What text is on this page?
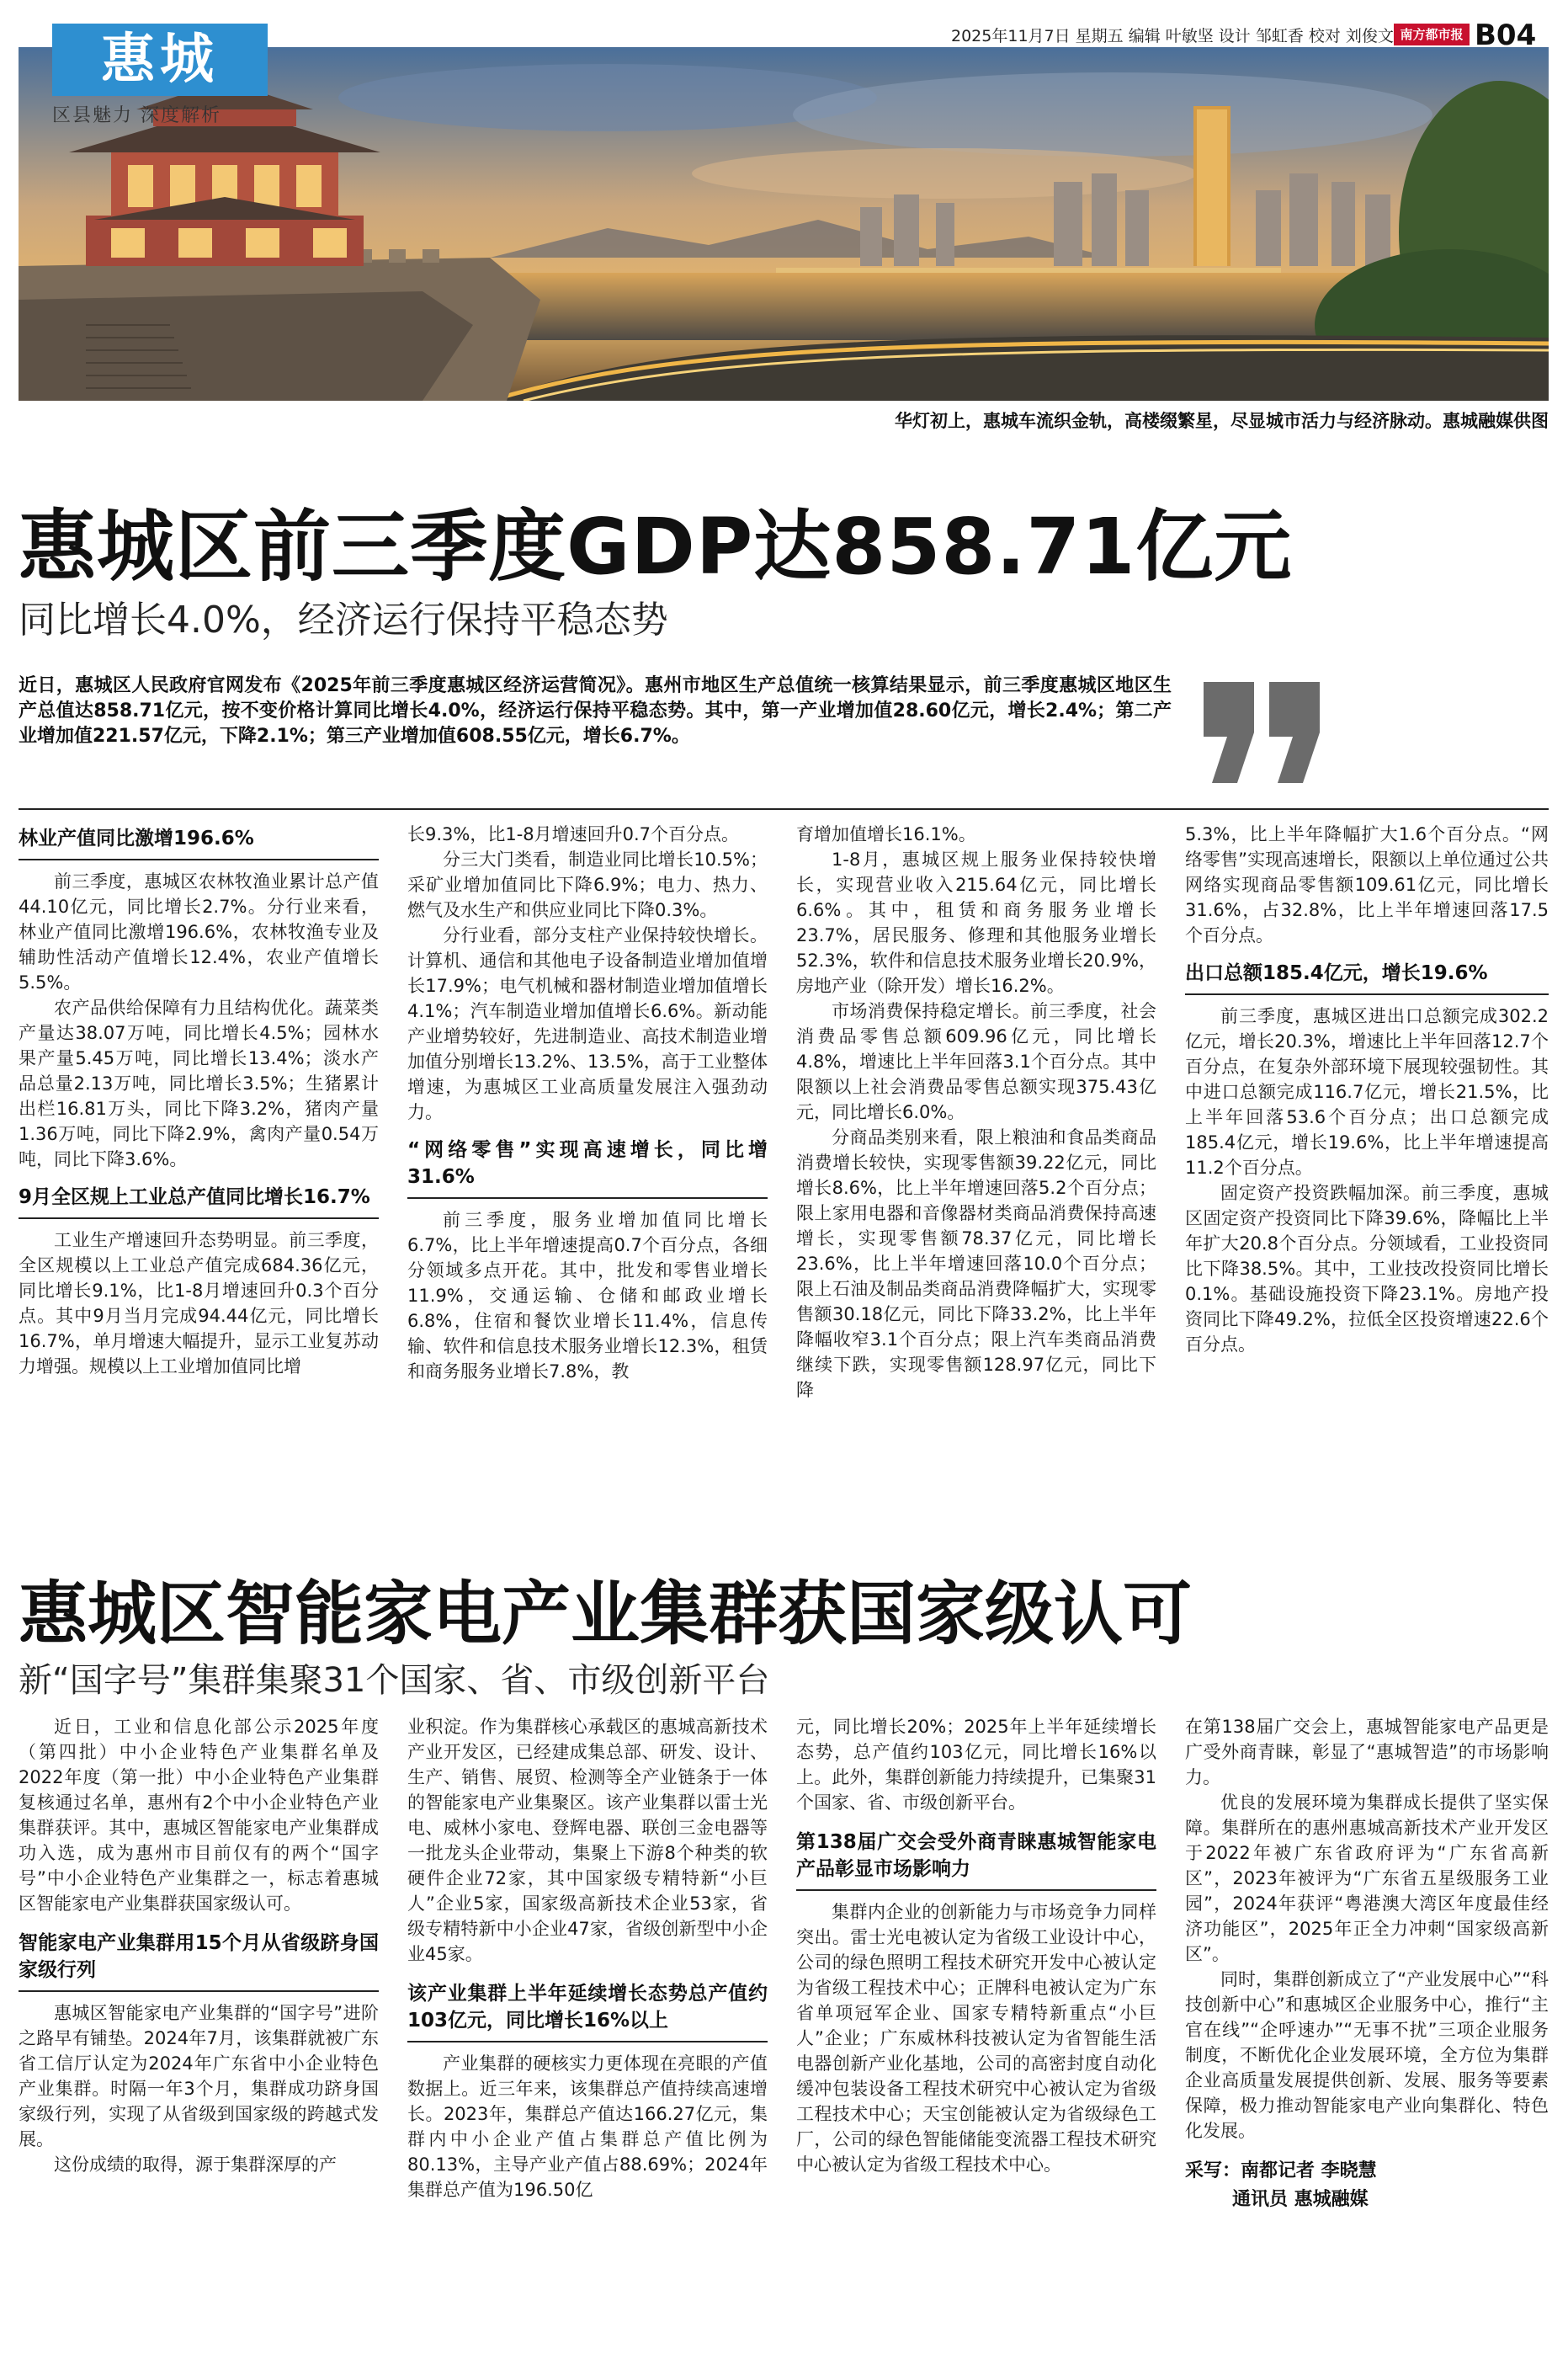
惠城
区县魅力 深度解析
2025年11月7日 星期五 编辑 叶敏坚 设计 邹虹香 校对 刘俊文 南方都市报 B04
华灯初上，惠城车流织金轨，高楼缀繁星，尽显城市活力与经济脉动。惠城融媒供图
惠城区前三季度GDP达858.71亿元
同比增长4.0%，经济运行保持平稳态势
近日，惠城区人民政府官网发布《2025年前三季度惠城区经济运营简况》。惠州市地区生产总值统一核算结果显示，前三季度惠城区地区生产总值达858.71亿元，按不变价格计算同比增长4.0%，经济运行保持平稳态势。其中，第一产业增加值28.60亿元，增长2.4%；第二产业增加值221.57亿元，下降2.1%；第三产业增加值608.55亿元，增长6.7%。
林业产值同比激增196.6%

前三季度，惠城区农林牧渔业累计总产值44.10亿元，同比增长2.7%。分行业来看，林业产值同比激增196.6%，农林牧渔专业及辅助性活动产值增长12.4%，农业产值增长5.5%。

农产品供给保障有力且结构优化。蔬菜类产量达38.07万吨，同比增长4.5%；园林水果产量5.45万吨，同比增长13.4%；淡水产品总量2.13万吨，同比增长3.5%；生猪累计出栏16.81万头，同比下降3.2%，猪肉产量1.36万吨，同比下降2.9%，禽肉产量0.54万吨，同比下降3.6%。

9月全区规上工业总产值同比增长16.7%

工业生产增速回升态势明显。前三季度，全区规模以上工业总产值完成684.36亿元，同比增长9.1%，比1-8月增速回升0.3个百分点。其中9月当月完成94.44亿元，同比增长16.7%，单月增速大幅提升，显示工业复苏动力增强。规模以上工业增加值同比增

长9.3%，比1-8月增速回升0.7个百分点。

分三大门类看，制造业同比增长10.5%；采矿业增加值同比下降6.9%；电力、热力、燃气及水生产和供应业同比下降0.3%。

分行业看，部分支柱产业保持较快增长。计算机、通信和其他电子设备制造业增加值增长17.9%；电气机械和器材制造业增加值增长4.1%；汽车制造业增加值增长6.6%。新动能产业增势较好，先进制造业、高技术制造业增加值分别增长13.2%、13.5%，高于工业整体增速，为惠城区工业高质量发展注入强劲动力。

“网络零售”实现高速增长，同比增31.6%

前三季度，服务业增加值同比增长6.7%，比上半年增速提高0.7个百分点，各细分领域多点开花。其中，批发和零售业增长11.9%，交通运输、仓储和邮政业增长6.8%，住宿和餐饮业增长11.4%，信息传输、软件和信息技术服务业增长12.3%，租赁和商务服务业增长7.8%，教

育增加值增长16.1%。

1-8月，惠城区规上服务业保持较快增长，实现营业收入215.64亿元，同比增长6.6%。其中，租赁和商务服务业增长23.7%，居民服务、修理和其他服务业增长52.3%，软件和信息技术服务业增长20.9%，房地产业（除开发）增长16.2%。

市场消费保持稳定增长。前三季度，社会消费品零售总额609.96亿元，同比增长4.8%，增速比上半年回落3.1个百分点。其中限额以上社会消费品零售总额实现375.43亿元，同比增长6.0%。

分商品类别来看，限上粮油和食品类商品消费增长较快，实现零售额39.22亿元，同比增长8.6%，比上半年增速回落5.2个百分点；限上家用电器和音像器材类商品消费保持高速增长，实现零售额78.37亿元，同比增长23.6%，比上半年增速回落10.0个百分点；限上石油及制品类商品消费降幅扩大，实现零售额30.18亿元，同比下降33.2%，比上半年降幅收窄3.1个百分点；限上汽车类商品消费继续下跌，实现零售额128.97亿元，同比下降

5.3%，比上半年降幅扩大1.6个百分点。“网络零售”实现高速增长，限额以上单位通过公共网络实现商品零售额109.61亿元，同比增长31.6%，占32.8%，比上半年增速回落17.5个百分点。

出口总额185.4亿元，增长19.6%

前三季度，惠城区进出口总额完成302.2亿元，增长20.3%，增速比上半年回落12.7个百分点，在复杂外部环境下展现较强韧性。其中进口总额完成116.7亿元，增长21.5%，比上半年回落53.6个百分点；出口总额完成185.4亿元，增长19.6%，比上半年增速提高11.2个百分点。

固定资产投资跌幅加深。前三季度，惠城区固定资产投资同比下降39.6%，降幅比上半年扩大20.8个百分点。分领域看，工业投资同比下降38.5%。其中，工业技改投资同比增长0.1%。基础设施投资下降23.1%。房地产投资同比下降49.2%，拉低全区投资增速22.6个百分点。

惠城区智能家电产业集群获国家级认可
新“国字号”集群集聚31个国家、省、市级创新平台

近日，工业和信息化部公示2025年度（第四批）中小企业特色产业集群名单及2022年度（第一批）中小企业特色产业集群复核通过名单，惠州有2个中小企业特色产业集群获评。其中，惠城区智能家电产业集群成功入选，成为惠州市目前仅有的两个“国字号”中小企业特色产业集群之一，标志着惠城区智能家电产业集群获国家级认可。

智能家电产业集群用15个月从省级跻身国家级行列

惠城区智能家电产业集群的“国字号”进阶之路早有铺垫。2024年7月，该集群就被广东省工信厅认定为2024年广东省中小企业特色产业集群。时隔一年3个月，集群成功跻身国家级行列，实现了从省级到国家级的跨越式发展。

这份成绩的取得，源于集群深厚的产

业积淀。作为集群核心承载区的惠城高新技术产业开发区，已经建成集总部、研发、设计、生产、销售、展贸、检测等全产业链条于一体的智能家电产业集聚区。该产业集群以雷士光电、威林小家电、登辉电器、联创三金电器等一批龙头企业带动，集聚上下游8个种类的软硬件企业72家，其中国家级专精特新“小巨人”企业5家，国家级高新技术企业53家，省级专精特新中小企业47家，省级创新型中小企业45家。

该产业集群上半年延续增长态势总产值约103亿元，同比增长16%以上

产业集群的硬核实力更体现在亮眼的产值数据上。近三年来，该集群总产值持续高速增长。2023年，集群总产值达166.27亿元，集群内中小企业产值占集群总产值比例为80.13%，主导产业产值占88.69%；2024年集群总产值为196.50亿

元，同比增长20%；2025年上半年延续增长态势，总产值约103亿元，同比增长16%以上。此外，集群创新能力持续提升，已集聚31个国家、省、市级创新平台。

第138届广交会受外商青睐惠城智能家电产品彰显市场影响力

集群内企业的创新能力与市场竞争力同样突出。雷士光电被认定为省级工业设计中心，公司的绿色照明工程技术研究开发中心被认定为省级工程技术中心；正牌科电被认定为广东省单项冠军企业、国家专精特新重点“小巨人”企业；广东威林科技被认定为省智能生活电器创新产业化基地，公司的高密封度自动化缓冲包装设备工程技术研究中心被认定为省级工程技术中心；天宝创能被认定为省级绿色工厂，公司的绿色智能储能变流器工程技术研究中心被认定为省级工程技术中心。

在第138届广交会上，惠城智能家电产品更是广受外商青睐，彰显了“惠城智造”的市场影响力。

优良的发展环境为集群成长提供了坚实保障。集群所在的惠州惠城高新技术产业开发区于2022年被广东省政府评为“广东省高新区”，2023年被评为“广东省五星级服务工业园”，2024年获评“粤港澳大湾区年度最佳经济功能区”，2025年正全力冲刺“国家级高新区”。

同时，集群创新成立了“产业发展中心”“科技创新中心”和惠城区企业服务中心，推行“主官在线”“企呼速办”“无事不扰”三项企业服务制度，不断优化企业发展环境，全方位为集群企业高质量发展提供创新、发展、服务等要素保障，极力推动智能家电产业向集群化、特色化发展。

采写：南都记者 李晓慧
通讯员 惠城融媒
